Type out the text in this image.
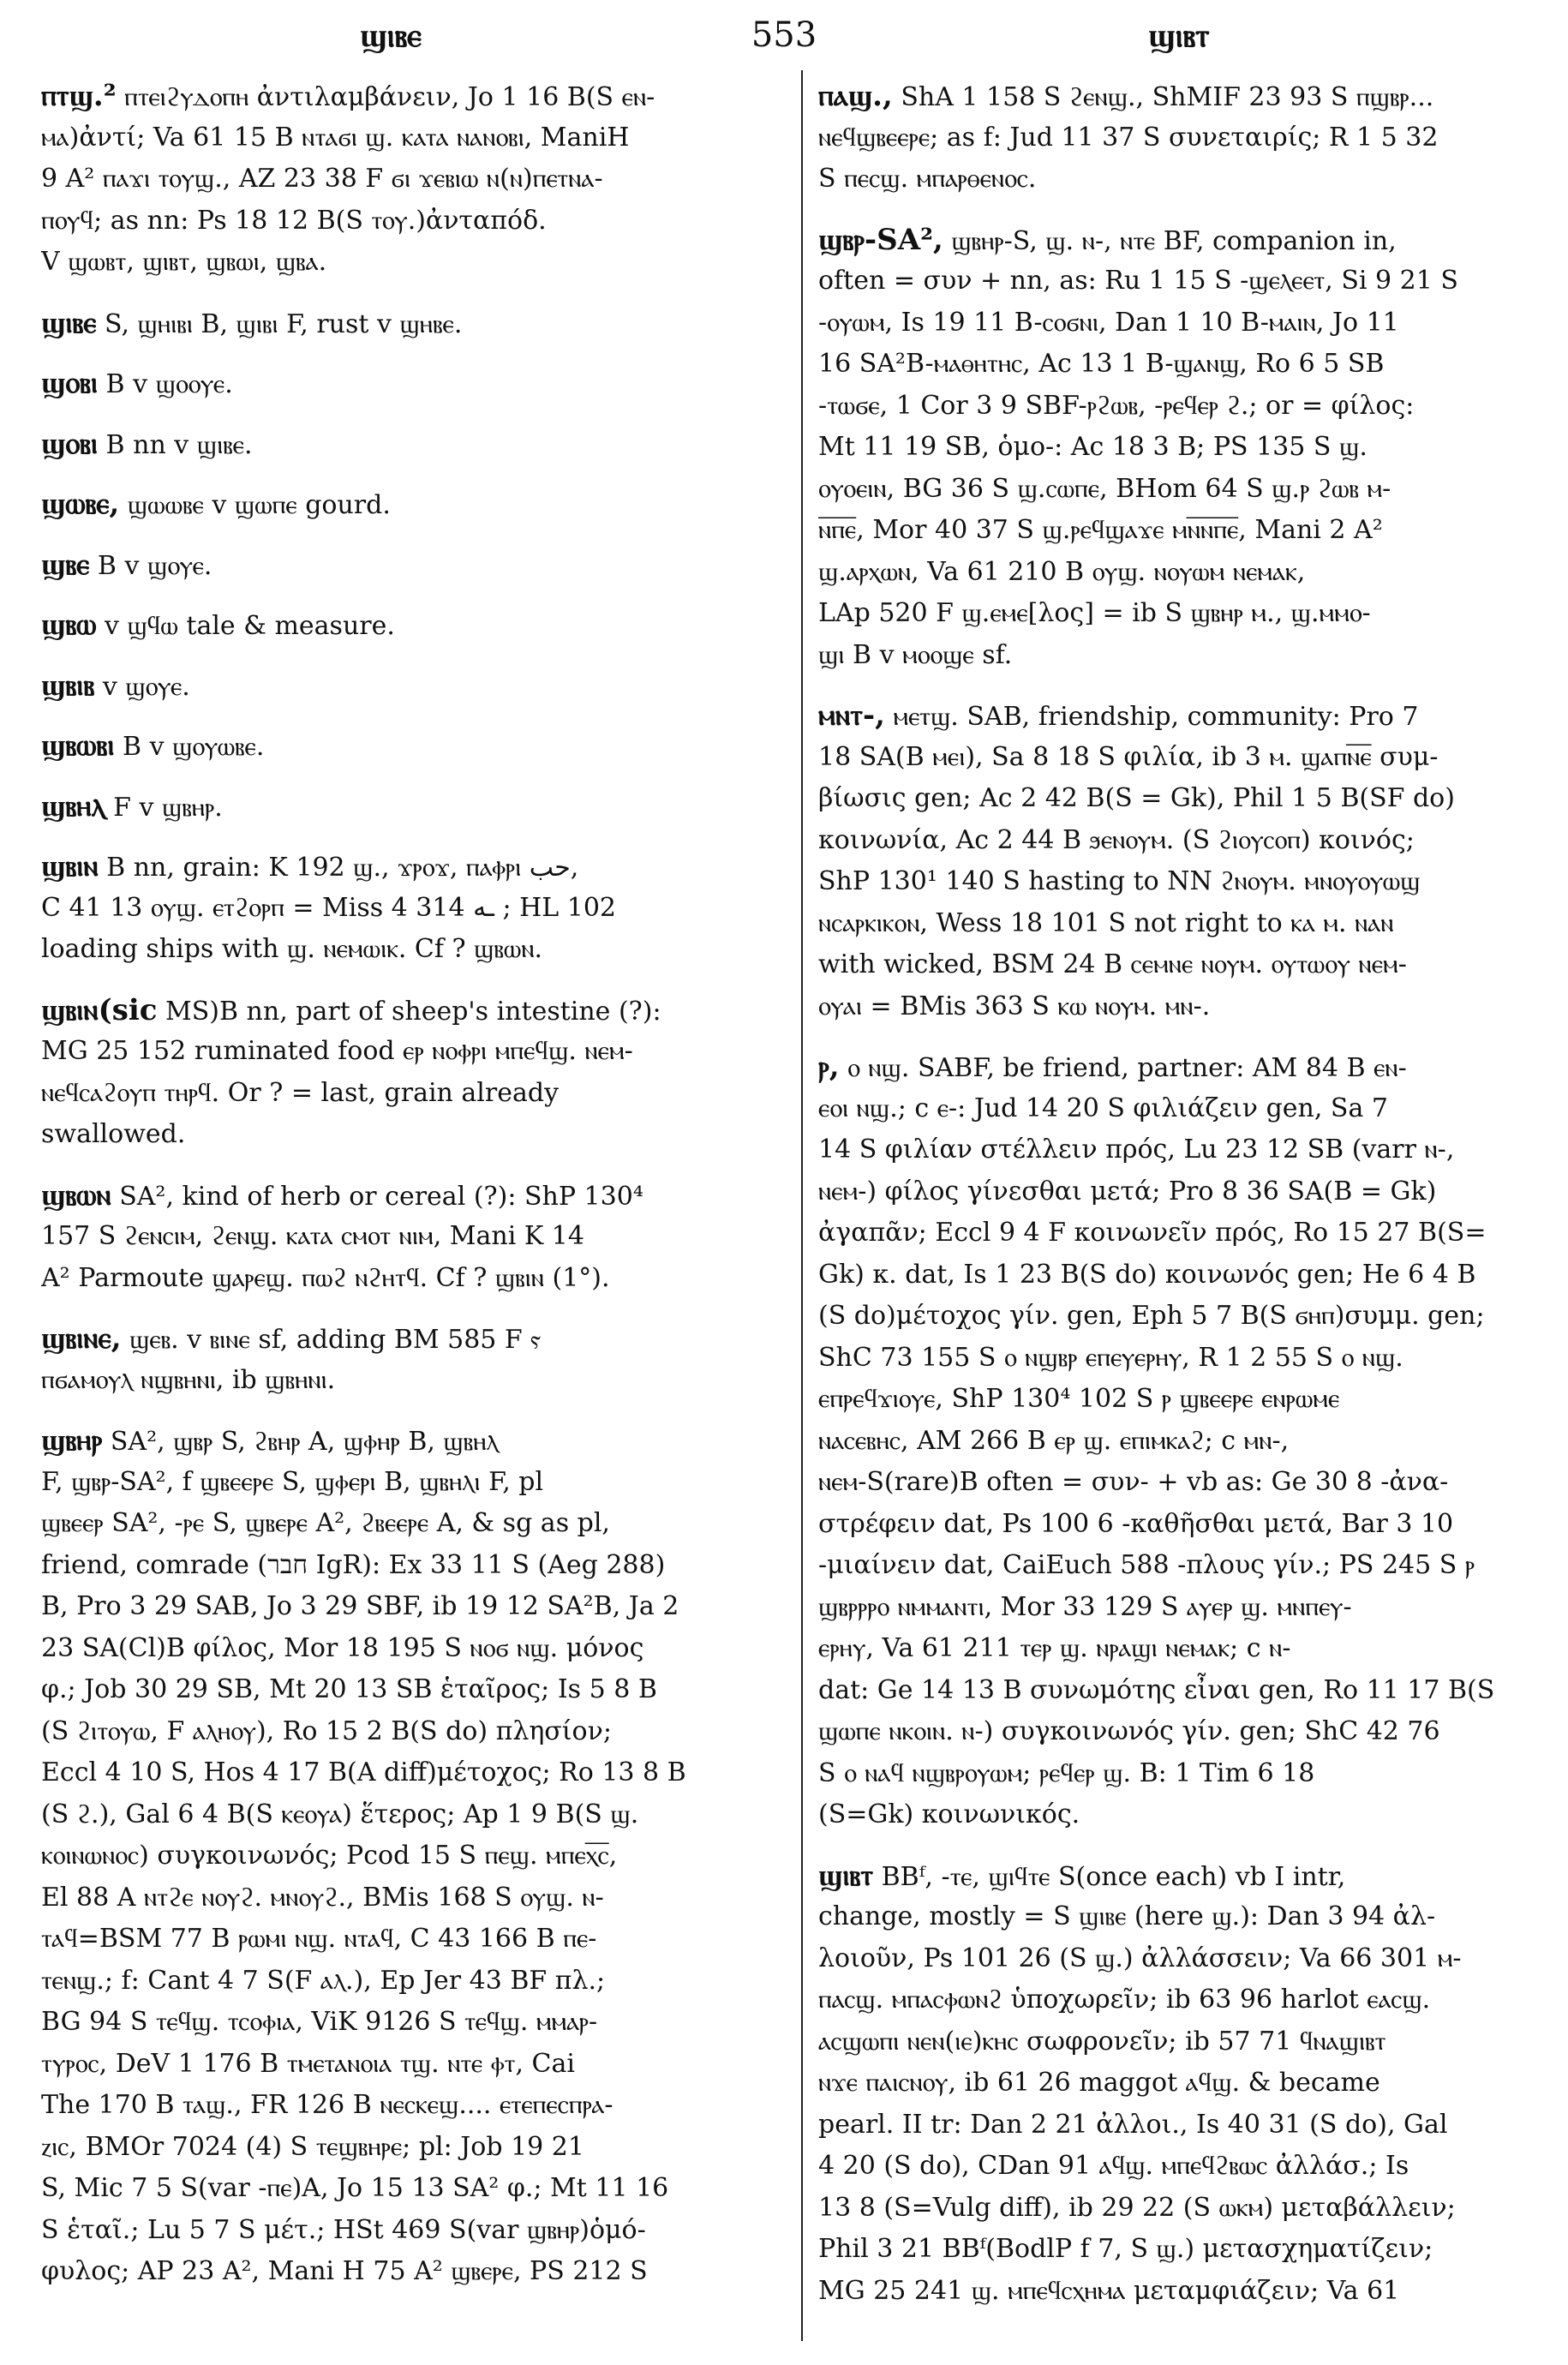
ϣⲓⲃⲉ	553	ϣⲓⲃⲧ
ⲡⲧϣ.² ⲡⲧⲉⲓϩⲩⲇⲟⲡⲏ ἀντιλαμβάνειν, Jo 1 16 B(S ⲉⲛ-
ⲙⲁ)ἀντί; Va 61 15 B ⲛⲧⲁϭⲓ ϣ. ⲕⲁⲧⲁ ⲛⲁⲛⲟⲃⲓ, ManiH
9 A² ⲡⲁϫⲓ ⲧⲟⲩϣ., AZ 23 38 F ϭⲓ ϫⲉⲃⲓⲱ ⲛ(ⲛ)ⲡⲉⲧⲛⲁ-
ⲡⲟⲩϥ; as nn: Ps 18 12 B(S ⲧⲟⲩ.)ἀνταπόδ.
V ϣⲱⲃⲧ, ϣⲓⲃⲧ, ϣⲃⲱⲓ, ϣⲃⲁ.
ϣⲓⲃⲉ S, ϣⲏⲓⲃⲓ B, ϣⲓⲃⲓ F, rust v ϣⲏⲃⲉ.
ϣⲟⲃⲓ B v ϣⲟⲟⲩⲉ.
ϣⲟⲃⲓ B nn v ϣⲓⲃⲉ.
ϣⲱⲃⲉ, ϣⲱⲱⲃⲉ v ϣⲱⲡⲉ gourd.
ϣⲃⲉ B v ϣⲟⲩⲉ.
ϣⲃⲱ v ϣϥⲱ tale & measure.
ϣⲃⲓⲃ v ϣⲟⲩⲉ.
ϣⲃⲱⲃⲓ B v ϣⲟⲩⲱⲃⲉ.
ϣⲃⲏⲗ F v ϣⲃⲏⲣ.
ϣⲃⲓⲛ B nn, grain: K 192 ϣ., ϫⲣⲟϫ, ⲡⲁⲫⲣⲓ حب,
C 41 13 ⲟⲩϣ. ⲉⲧϩⲟⲣⲡ = Miss 4 314 ـه ; HL 102
loading ships with ϣ. ⲛⲉⲙⲱⲓⲕ. Cf ? ϣⲃⲱⲛ.
ϣⲃⲓⲛ(sic MS)B nn, part of sheep's intestine (?):
MG 25 152 ruminated food ⲉⲣ ⲛⲟⲫⲣⲓ ⲙⲡⲉϥϣ. ⲛⲉⲙ-
ⲛⲉϥⲥⲁϩⲟⲩⲡ ⲧⲏⲣϥ. Or ? = last, grain already
swallowed.
ϣⲃⲱⲛ SA², kind of herb or cereal (?): ShP 130⁴
157 S ϩⲉⲛⲥⲓⲙ, ϩⲉⲛϣ. ⲕⲁⲧⲁ ⲥⲙⲟⲧ ⲛⲓⲙ, Mani K 14
A² Parmoute ϣⲁⲣⲉϣ. ⲡⲱϩ ⲛϩⲏⲧϥ. Cf ? ϣⲃⲓⲛ (1°).
ϣⲃⲓⲛⲉ, ϣⲉⲃ. v ⲃⲓⲛⲉ sf, adding BM 585 F ⲋ
ⲡϭⲁⲙⲟⲩⲗ ⲛϣⲃⲏⲛⲓ, ib ϣⲃⲏⲛⲓ.
ϣⲃⲏⲣ SA², ϣⲃⲣ S, ϩⲃⲏⲣ A, ϣⲫⲏⲣ B, ϣⲃⲏⲗ
F, ϣⲃⲣ-SA², f ϣⲃⲉⲉⲣⲉ S, ϣⲫⲉⲣⲓ B, ϣⲃⲏⲗⲓ F, pl
ϣⲃⲉⲉⲣ SA², -ⲣⲉ S, ϣⲃⲉⲣⲉ A², ϩⲃⲉⲉⲣⲉ A, & sg as pl,
friend, comrade (חבר IgR): Ex 33 11 S (Aeg 288)
B, Pro 3 29 SAB, Jo 3 29 SBF, ib 19 12 SA²B, Ja 2
23 SA(Cl)B φίλος, Mor 18 195 S ⲛⲟϭ ⲛϣ. μόνος
φ.; Job 30 29 SB, Mt 20 13 SB ἑταῖρος; Is 5 8 B
(S ϩⲓⲧⲟⲩⲱ, F ⲁⲗⲏⲟⲩ), Ro 15 2 B(S do) πλησίον;
Eccl 4 10 S, Hos 4 17 B(A diff)μέτοχος; Ro 13 8 B
(S ϩ.), Gal 6 4 B(S ⲕⲉⲟⲩⲁ) ἕτερος; Ap 1 9 B(S ϣ.
ⲕⲟⲓⲛⲱⲛⲟⲥ) συγκοινωνός; Pcod 15 S ⲡⲉϣ. ⲙⲡⲉⲭ̅ⲥ̅,
El 88 A ⲛⲧϩⲉ ⲛⲟⲩϩ. ⲙⲛⲟⲩϩ., BMis 168 S ⲟⲩϣ. ⲛ-
ⲧⲁϥ=BSM 77 B ⲣⲱⲙⲓ ⲛϣ. ⲛⲧⲁϥ, C 43 166 B ⲡⲉ-
ⲧⲉⲛϣ.; f: Cant 4 7 S(F ⲁⲗ.), Ep Jer 43 BF πλ.;
BG 94 S ⲧⲉϥϣ. ⲧⲥⲟⲫⲓⲁ, ViK 9126 S ⲧⲉϥϣ. ⲙⲙⲁⲣ-
ⲧⲩⲣⲟⲥ, DeV 1 176 B ⲧⲙⲉⲧⲁⲛⲟⲓⲁ ⲧϣ. ⲛⲧⲉ ⲫⲧ, Cai
The 170 B ⲧⲁϣ., FR 126 B ⲛⲉⲥⲕⲉϣ.... ⲉⲧⲉⲡⲉⲥⲡⲣⲁ-
ⲍⲓⲥ, BMOr 7024 (4) S ⲧⲉϣⲃⲏⲣⲉ; pl: Job 19 21
S, Mic 7 5 S(var -ⲡⲉ)A, Jo 15 13 SA² φ.; Mt 11 16
S ἑταῖ.; Lu 5 7 S μέτ.; HSt 469 S(var ϣⲃⲏⲣ)ὁμό-
φυλος; AP 23 A², Mani H 75 A² ϣⲃⲉⲣⲉ, PS 212 S
ⲡⲁϣ., ShA 1 158 S ϩⲉⲛϣ., ShMIF 23 93 S ⲡϣⲃⲣ...
ⲛⲉϥϣⲃⲉⲉⲣⲉ; as f: Jud 11 37 S συνεταιρίς; R 1 5 32
S ⲡⲉⲥϣ. ⲙⲡⲁⲣⲑⲉⲛⲟⲥ.
ϣⲃⲣ-SA², ϣⲃⲏⲣ-S, ϣ. ⲛ-, ⲛⲧⲉ BF, companion in,
often = συν + nn, as: Ru 1 15 S -ϣⲉⲗⲉⲉⲧ, Si 9 21 S
-ⲟⲩⲱⲙ, Is 19 11 B-ⲥⲟϭⲛⲓ, Dan 1 10 B-ⲙⲁⲓⲛ, Jo 11
16 SA²B-ⲙⲁⲑⲏⲧⲏⲥ, Ac 13 1 B-ϣⲁⲛϣ, Ro 6 5 SB
-ⲧⲱϭⲉ, 1 Cor 3 9 SBF-ⲣϩⲱⲃ, -ⲣⲉϥⲉⲣ ϩ.; or = φίλος:
Mt 11 19 SB, ὁμο-: Ac 18 3 B; PS 135 S ϣ.
ⲟⲩⲟⲉⲓⲛ, BG 36 S ϣ.ⲥⲱⲡⲉ, BHom 64 S ϣ.ⲣ ϩⲱⲃ ⲙ-
ⲛ̅ⲡ̅ⲉ̅, Mor 40 37 S ϣ.ⲣⲉϥϣⲁϫⲉ ⲙⲛ̅ⲛ̅ⲡ̅ⲉ̅, Mani 2 A²
ϣ.ⲁⲣⲭⲱⲛ, Va 61 210 B ⲟⲩϣ. ⲛⲟⲩⲱⲙ ⲛⲉⲙⲁⲕ,
LAp 520 F ϣ.ⲉⲙⲉ[λος] = ib S ϣⲃⲏⲣ ⲙ., ϣ.ⲙⲙⲟ-
ϣⲓ B v ⲙⲟⲟϣⲉ sf.
ⲙⲛⲧ-, ⲙⲉⲧϣ. SAB, friendship, community: Pro 7
18 SA(B ⲙⲉⲓ), Sa 8 18 S φιλία, ib 3 ⲙ. ϣⲁⲡⲛ̅ⲉ̅ συμ-
βίωσις gen; Ac 2 42 B(S = Gk), Phil 1 5 B(SF do)
κοινωνία, Ac 2 44 B ϧⲉⲛⲟⲩⲙ. (S ϩⲓⲟⲩⲥⲟⲡ) κοινός;
ShP 130¹ 140 S hasting to NN ϩⲛⲟⲩⲙ. ⲙⲛⲟⲩⲟⲩⲱϣ
ⲛⲥⲁⲣⲕⲓⲕⲟⲛ, Wess 18 101 S not right to ⲕⲁ ⲙ. ⲛⲁⲛ
with wicked, BSM 24 B ⲥⲉⲙⲛⲉ ⲛⲟⲩⲙ. ⲟⲩⲧⲱⲟⲩ ⲛⲉⲙ-
ⲟⲩⲁⲓ = BMis 363 S ⲕⲱ ⲛⲟⲩⲙ. ⲙⲛ-.
ⲣ, ⲟ ⲛϣ. SABF, be friend, partner: AM 84 B ⲉⲛ-
ⲉⲟⲓ ⲛϣ.; c ⲉ-: Jud 14 20 S φιλιάζειν gen, Sa 7
14 S φιλίαν στέλλειν πρός, Lu 23 12 SB (varr ⲛ-,
ⲛⲉⲙ-) φίλος γίνεσθαι μετά; Pro 8 36 SA(B = Gk)
ἀγαπᾶν; Eccl 9 4 F κοινωνεῖν πρός, Ro 15 27 B(S=
Gk) κ. dat, Is 1 23 B(S do) κοινωνός gen; He 6 4 B
(S do)μέτοχος γίν. gen, Eph 5 7 B(S ϭⲏⲡ)συμμ. gen;
ShC 73 155 S ⲟ ⲛϣⲃⲣ ⲉⲡⲉⲩⲉⲣⲏⲩ, R 1 2 55 S ⲟ ⲛϣ.
ⲉⲡⲣⲉϥϫⲓⲟⲩⲉ, ShP 130⁴ 102 S ⲣ ϣⲃⲉⲉⲣⲉ ⲉⲛⲣⲱⲙⲉ
ⲛⲁⲥⲉⲃⲏⲥ, AM 266 B ⲉⲣ ϣ. ⲉⲡⲓⲙⲕⲁϩ; c ⲙⲛ-,
ⲛⲉⲙ-S(rare)B often = συν- + vb as: Ge 30 8 -ἀνα-
στρέφειν dat, Ps 100 6 -καθῆσθαι μετά, Bar 3 10
-μιαίνειν dat, CaiEuch 588 -πλους γίν.; PS 245 S ⲣ
ϣⲃⲣⲣⲣⲟ ⲛⲙⲙⲁⲛⲧⲓ, Mor 33 129 S ⲁⲩⲉⲣ ϣ. ⲙⲛⲡⲉⲩ-
ⲉⲣⲏⲩ, Va 61 211 ⲧⲉⲣ ϣ. ⲛⲣⲁϣⲓ ⲛⲉⲙⲁⲕ; c ⲛ-
dat: Ge 14 13 B συνωμότης εἶναι gen, Ro 11 17 B(S
ϣⲱⲡⲉ ⲛⲕⲟⲓⲛ. ⲛ-) συγκοινωνός γίν. gen; ShC 42 76
S ⲟ ⲛⲁϥ ⲛϣⲃⲣⲟⲩⲱⲙ; ⲣⲉϥⲉⲣ ϣ. B: 1 Tim 6 18
(S=Gk) κοινωνικός.
ϣⲓⲃⲧ BBᶠ, -ⲧⲉ, ϣⲓϥⲧⲉ S(once each) vb I intr,
change, mostly = S ϣⲓⲃⲉ (here ϣ.): Dan 3 94 ἀλ-
λοιοῦν, Ps 101 26 (S ϣ.) ἀλλάσσειν; Va 66 301 ⲙ-
ⲡⲁⲥϣ. ⲙⲡⲁⲥⲫⲱⲛϩ ὑποχωρεῖν; ib 63 96 harlot ⲉⲁⲥϣ.
ⲁⲥϣⲱⲡⲓ ⲛⲉⲛ(ⲓⲉ)ⲕⲏⲥ σωφρονεῖν; ib 57 71 ϥⲛⲁϣⲓⲃⲧ
ⲛϫⲉ ⲡⲁⲓⲥⲛⲟⲩ, ib 61 26 maggot ⲁϥϣ. & became
pearl. II tr: Dan 2 21 ἀλλοι., Is 40 31 (S do), Gal
4 20 (S do), CDan 91 ⲁϥϣ. ⲙⲡⲉϥϩⲃⲱⲥ ἀλλάσ.; Is
13 8 (S=Vulg diff), ib 29 22 (S ⲱⲕⲙ) μεταβάλλειν;
Phil 3 21 BBᶠ(BodlP f 7, S ϣ.) μετασχηματίζειν;
MG 25 241 ϣ. ⲙⲡⲉϥⲥⲭⲏⲙⲁ μεταμφιάζειν; Va 61
